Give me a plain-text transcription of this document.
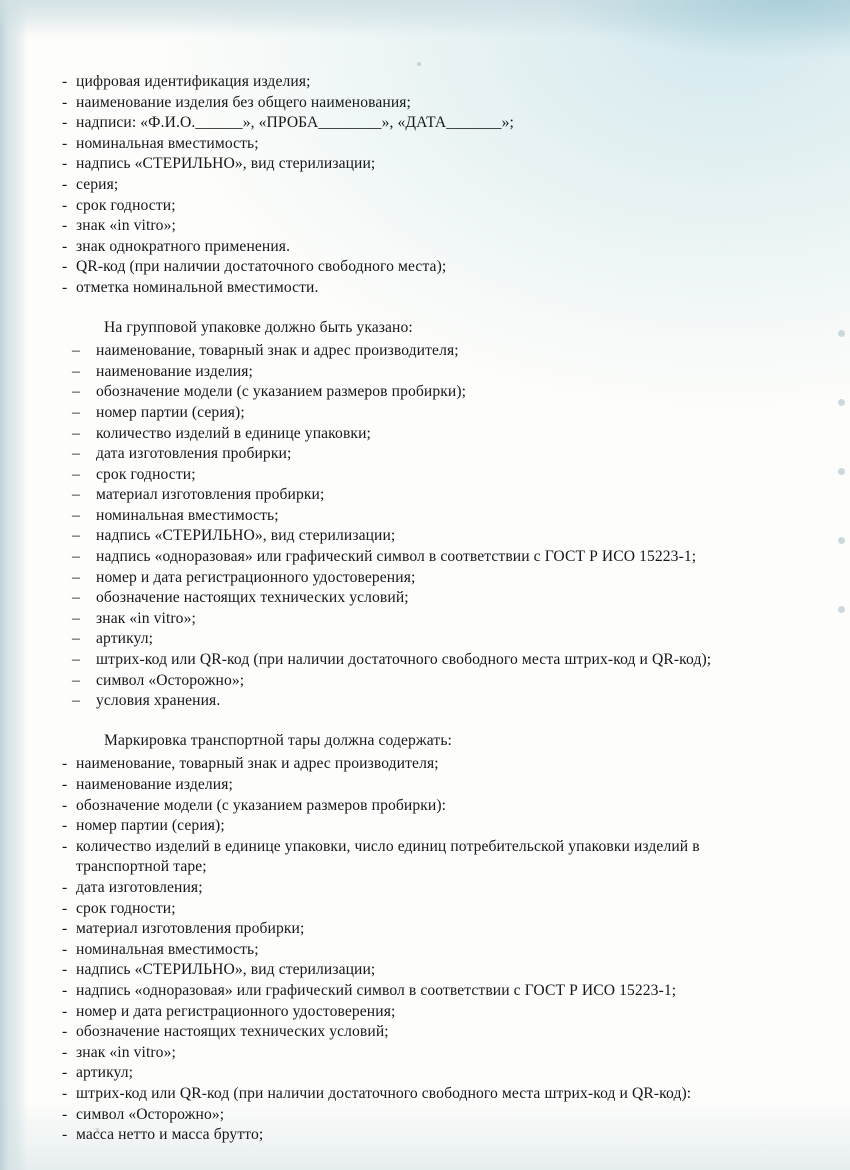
- цифровая идентификация изделия;
- наименование изделия без общего наименования;
- надписи: «Ф.И.О.______», «ПРОБА________», «ДАТА_______»;
- номинальная вместимость;
- надпись «СТЕРИЛЬНО», вид стерилизации;
- серия;
- срок годности;
- знак «in vitro»;
- знак однократного применения.
- QR-код (при наличии достаточного свободного места);
- отметка номинальной вместимости.

На групповой упаковке должно быть указано:

– наименование, товарный знак и адрес производителя;
– наименование изделия;
– обозначение модели (с указанием размеров пробирки);
– номер партии (серия);
– количество изделий в единице упаковки;
– дата изготовления пробирки;
– срок годности;
– материал изготовления пробирки;
– номинальная вместимость;
– надпись «СТЕРИЛЬНО», вид стерилизации;
– надпись «одноразовая» или графический символ в соответствии с ГОСТ Р ИСО 15223-1;
– номер и дата регистрационного удостоверения;
– обозначение настоящих технических условий;
– знак «in vitro»;
– артикул;
– штрих-код или QR-код (при наличии достаточного свободного места штрих-код и QR-код);
– символ «Осторожно»;
– условия хранения.

Маркировка транспортной тары должна содержать:

- наименование, товарный знак и адрес производителя;
- наименование изделия;
- обозначение модели (с указанием размеров пробирки):
- номер партии (серия);
- количество изделий в единице упаковки, число единиц потребительской упаковки изделий в транспортной таре;
- дата изготовления;
- срок годности;
- материал изготовления пробирки;
- номинальная вместимость;
- надпись «СТЕРИЛЬНО», вид стерилизации;
- надпись «одноразовая» или графический символ в соответствии с ГОСТ Р ИСО 15223-1;
- номер и дата регистрационного удостоверения;
- обозначение настоящих технических условий;
- знак «in vitro»;
- артикул;
- штрих-код или QR-код (при наличии достаточного свободного места штрих-код и QR-код):
- символ «Осторожно»;
- масса нетто и масса брутто;
